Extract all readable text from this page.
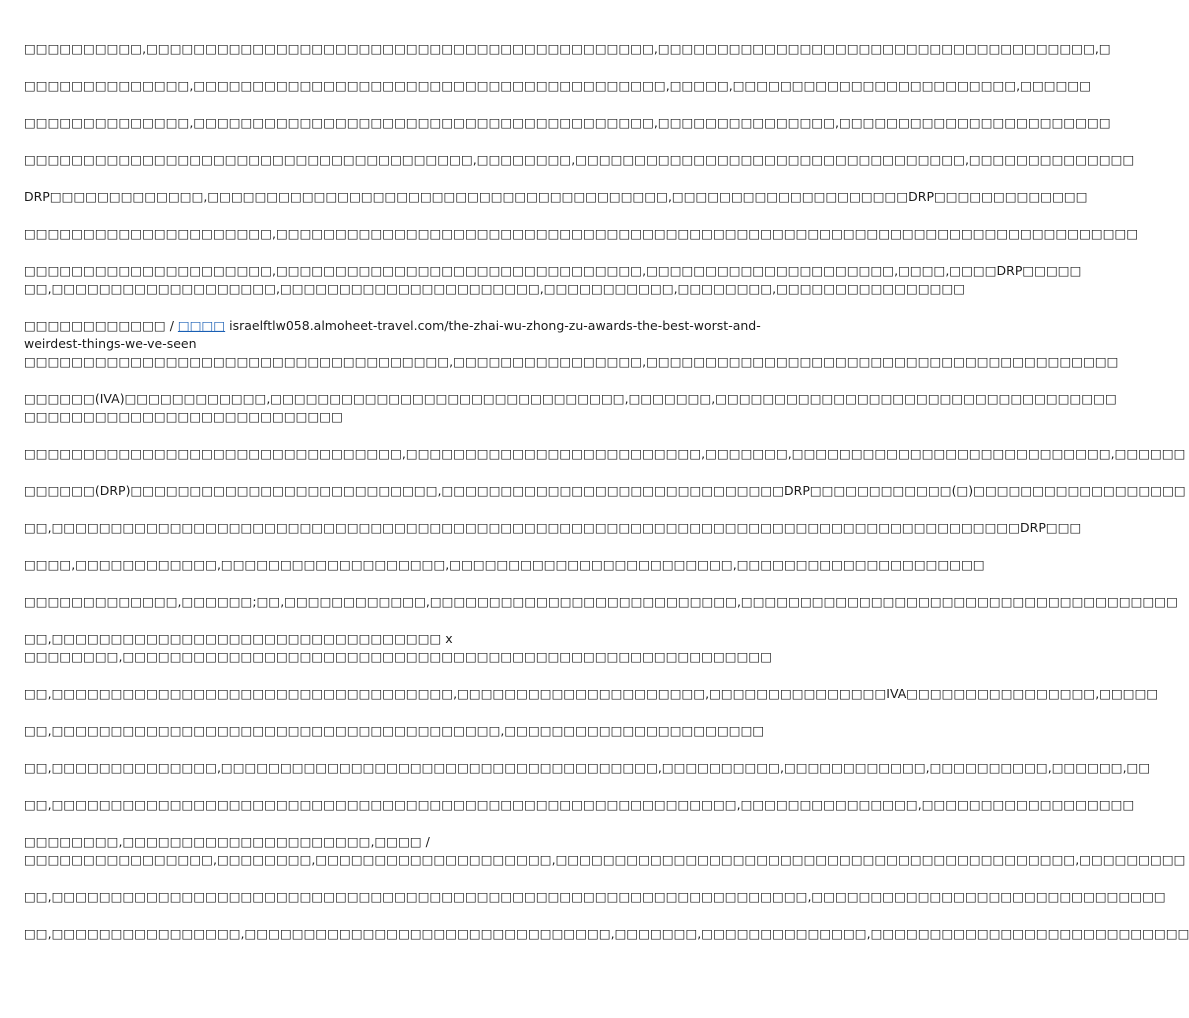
□□□□□□□□□□,□□□□□□□□□□□□□□□□□□□□□□□□□□□□□□□□□□□□□□□□□□□,□□□□□□□□□□□□□□□□□□□□□□□□□□□□□□□□□□□□□,□

□□□□□□□□□□□□□□,□□□□□□□□□□□□□□□□□□□□□□□□□□□□□□□□□□□□□□□□,□□□□□,□□□□□□□□□□□□□□□□□□□□□□□□,□□□□□□

□□□□□□□□□□□□□□,□□□□□□□□□□□□□□□□□□□□□□□□□□□□□□□□□□□□□□□,□□□□□□□□□□□□□□□,□□□□□□□□□□□□□□□□□□□□□□□

□□□□□□□□□□□□□□□□□□□□□□□□□□□□□□□□□□□□□□,□□□□□□□□,□□□□□□□□□□□□□□□□□□□□□□□□□□□□□□□□□,□□□□□□□□□□□□□□

DRP□□□□□□□□□□□□□,□□□□□□□□□□□□□□□□□□□□□□□□□□□□□□□□□□□□□□□,□□□□□□□□□□□□□□□□□□□□DRP□□□□□□□□□□□□□

□□□□□□□□□□□□□□□□□□□□□,□□□□□□□□□□□□□□□□□□□□□□□□□□□□□□□□□□□□□□□□□□□□□□□□□□□□□□□□□□□□□□□□□□□□□□□□□

□□□□□□□□□□□□□□□□□□□□□,□□□□□□□□□□□□□□□□□□□□□□□□□□□□□□□,□□□□□□□□□□□□□□□□□□□□□,□□□□,□□□□DRP□□□□□
□□,□□□□□□□□□□□□□□□□□□□,□□□□□□□□□□□□□□□□□□□□□□,□□□□□□□□□□□,□□□□□□□□,□□□□□□□□□□□□□□□□

□□□□□□□□□□□□ / □□□□ israelftlw058.almoheet-travel.com/the-zhai-wu-zhong-zu-awards-the-best-worst-and-
weirdest-things-we-ve-seen
□□□□□□□□□□□□□□□□□□□□□□□□□□□□□□□□□□□□,□□□□□□□□□□□□□□□□,□□□□□□□□□□□□□□□□□□□□□□□□□□□□□□□□□□□□□□□□

□□□□□□(IVA)□□□□□□□□□□□□,□□□□□□□□□□□□□□□□□□□□□□□□□□□□□□,□□□□□□□,□□□□□□□□□□□□□□□□□□□□□□□□□□□□□□□□□□
□□□□□□□□□□□□□□□□□□□□□□□□□□□

□□□□□□□□□□□□□□□□□□□□□□□□□□□□□□□□,□□□□□□□□□□□□□□□□□□□□□□□□□,□□□□□□□,□□□□□□□□□□□□□□□□□□□□□□□□□□□,□□□□□□

□□□□□□(DRP)□□□□□□□□□□□□□□□□□□□□□□□□□□,□□□□□□□□□□□□□□□□□□□□□□□□□□□□□DRP□□□□□□□□□□□□(□)□□□□□□□□□□□□□□□□□□

□□,□□□□□□□□□□□□□□□□□□□□□□□□□□□□□□□□□□□□□□□□□□□□□□□□□□□□□□□□□□□□□□□□□□□□□□□□□□□□□□□□□□DRP□□□

□□□□,□□□□□□□□□□□□,□□□□□□□□□□□□□□□□□□□,□□□□□□□□□□□□□□□□□□□□□□□□,□□□□□□□□□□□□□□□□□□□□□

□□□□□□□□□□□□□,□□□□□□;□□,□□□□□□□□□□□□,□□□□□□□□□□□□□□□□□□□□□□□□□□,□□□□□□□□□□□□□□□□□□□□□□□□□□□□□□□□□□□□□

□□,□□□□□□□□□□□□□□□□□□□□□□□□□□□□□□□□□ x
□□□□□□□□,□□□□□□□□□□□□□□□□□□□□□□□□□□□□□□□□□□□□□□□□□□□□□□□□□□□□□□□

□□,□□□□□□□□□□□□□□□□□□□□□□□□□□□□□□□□□□,□□□□□□□□□□□□□□□□□□□□□,□□□□□□□□□□□□□□□IVA□□□□□□□□□□□□□□□□,□□□□□

□□,□□□□□□□□□□□□□□□□□□□□□□□□□□□□□□□□□□□□□□,□□□□□□□□□□□□□□□□□□□□□□

□□,□□□□□□□□□□□□□□,□□□□□□□□□□□□□□□□□□□□□□□□□□□□□□□□□□□□□,□□□□□□□□□□,□□□□□□□□□□□□,□□□□□□□□□□,□□□□□□,□□

□□,□□□□□□□□□□□□□□□□□□□□□□□□□□□□□□□□□□□□□□□□□□□□□□□□□□□□□□□□□□,□□□□□□□□□□□□□□□,□□□□□□□□□□□□□□□□□□

□□□□□□□□,□□□□□□□□□□□□□□□□□□□□□,□□□□ /
□□□□□□□□□□□□□□□□,□□□□□□□□,□□□□□□□□□□□□□□□□□□□□,□□□□□□□□□□□□□□□□□□□□□□□□□□□□□□□□□□□□□□□□□□□□,□□□□□□□□□

□□,□□□□□□□□□□□□□□□□□□□□□□□□□□□□□□□□□□□□□□□□□□□□□□□□□□□□□□□□□□□□□□□□,□□□□□□□□□□□□□□□□□□□□□□□□□□□□□□

□□,□□□□□□□□□□□□□□□□,□□□□□□□□□□□□□□□□□□□□□□□□□□□□□□□,□□□□□□□,□□□□□□□□□□□□□□,□□□□□□□□□□□□□□□□□□□□□□□□□□□
